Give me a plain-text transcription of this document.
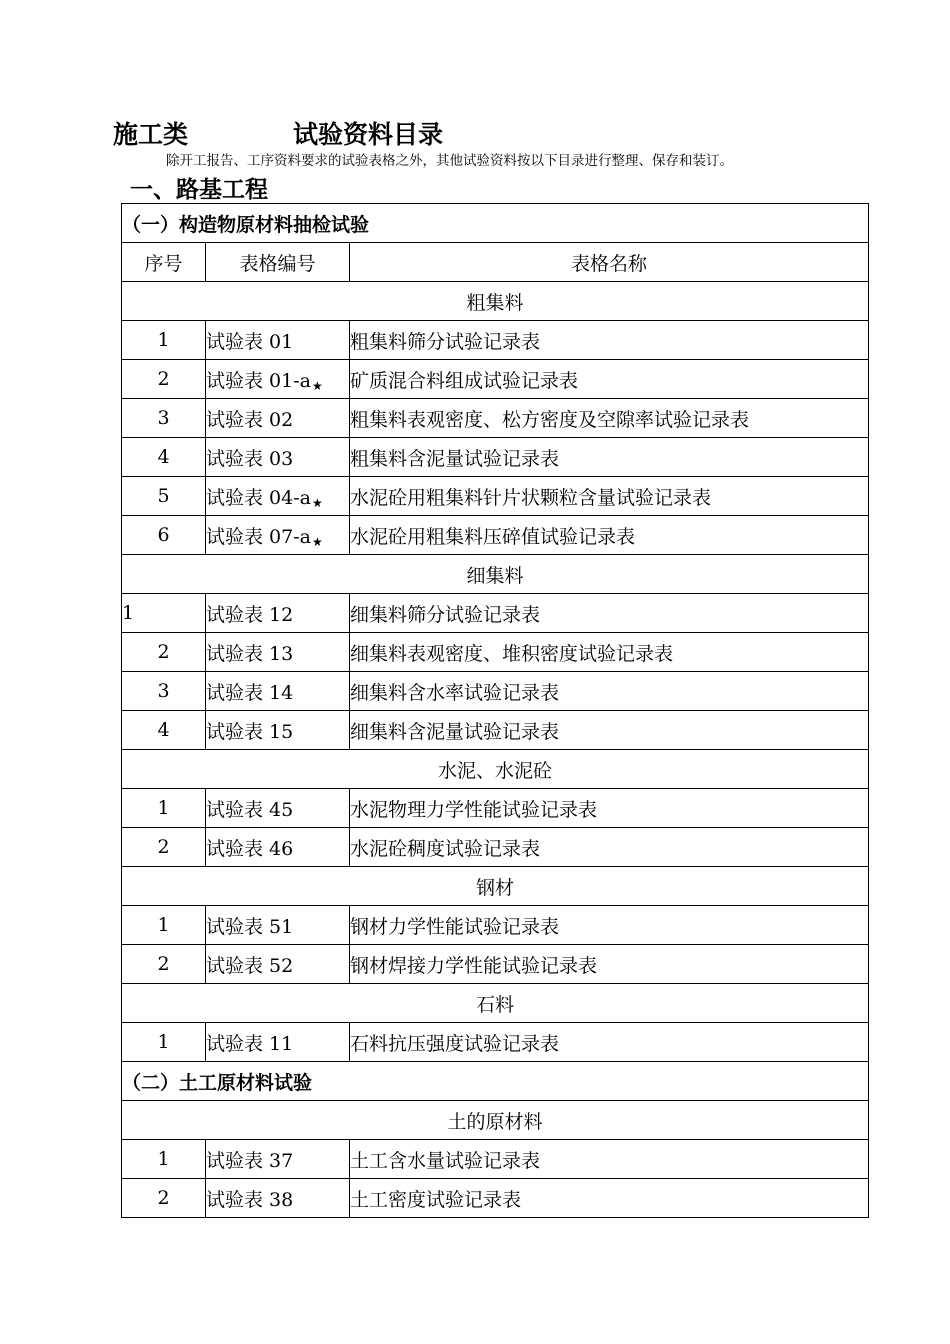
施工类	试验资料目录
除开工报告、工序资料要求的试验表格之外，其他试验资料按以下目录进行整理、保存和装订。
一、路基工程
（一）构造物原材料抽检试验		
序号	表格编号	表格名称
粗集料		
1	试验表 01	粗集料筛分试验记录表
2	试验表 01-a★	矿质混合料组成试验记录表
3	试验表 02	粗集料表观密度、松方密度及空隙率试验记录表
4	试验表 03	粗集料含泥量试验记录表
5	试验表 04-a★	水泥砼用粗集料针片状颗粒含量试验记录表
6	试验表 07-a★	水泥砼用粗集料压碎值试验记录表
细集料		
1	试验表 12	细集料筛分试验记录表
2	试验表 13	细集料表观密度、堆积密度试验记录表
3	试验表 14	细集料含水率试验记录表
4	试验表 15	细集料含泥量试验记录表
水泥、水泥砼		
1	试验表 45	水泥物理力学性能试验记录表
2	试验表 46	水泥砼稠度试验记录表
钢材		
1	试验表 51	钢材力学性能试验记录表
2	试验表 52	钢材焊接力学性能试验记录表
石料		
1	试验表 11	石料抗压强度试验记录表
（二）土工原材料试验		
土的原材料		
1	试验表 37	土工含水量试验记录表
2	试验表 38	土工密度试验记录表
